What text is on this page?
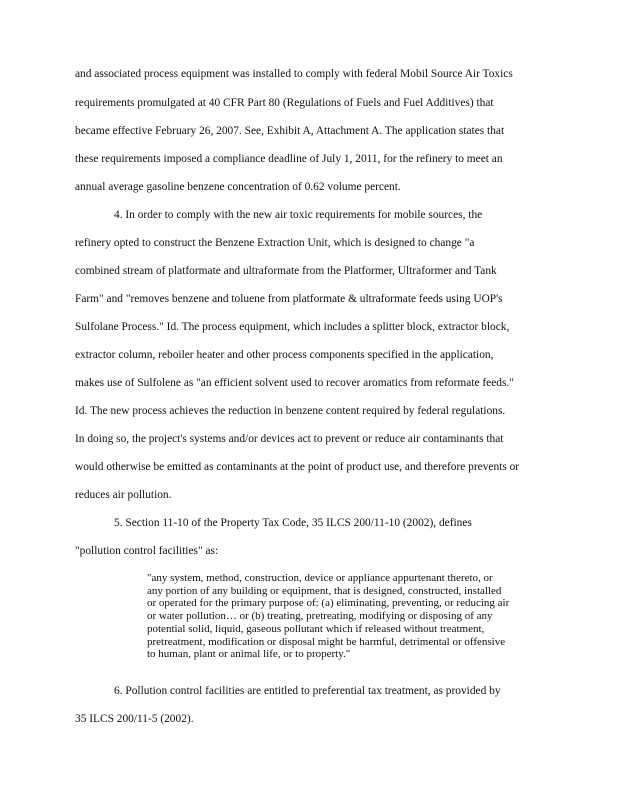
and associated process equipment was installed to comply with federal Mobil Source Air Toxics
requirements promulgated at 40 CFR Part 80 (Regulations of Fuels and Fuel Additives) that
became effective February 26, 2007. See, Exhibit A, Attachment A. The application states that
these requirements imposed a compliance deadline of July 1, 2011, for the refinery to meet an
annual average gasoline benzene concentration of 0.62 volume percent.
4. In order to comply with the new air toxic requirements for mobile sources, the
refinery opted to construct the Benzene Extraction Unit, which is designed to change "a
combined stream of platformate and ultraformate from the Platformer, Ultraformer and Tank
Farm" and "removes benzene and toluene from platformate & ultraformate feeds using UOP's
Sulfolane Process." Id. The process equipment, which includes a splitter block, extractor block,
extractor column, reboiler heater and other process components specified in the application,
makes use of Sulfolene as "an efficient solvent used to recover aromatics from reformate feeds."
Id. The new process achieves the reduction in benzene content required by federal regulations.
In doing so, the project's systems and/or devices act to prevent or reduce air contaminants that
would otherwise be emitted as contaminants at the point of product use, and therefore prevents or
reduces air pollution.
5. Section 11-10 of the Property Tax Code, 35 ILCS 200/11-10 (2002), defines
"pollution control facilities" as:
"any system, method, construction, device or appliance appurtenant thereto, or
any portion of any building or equipment, that is designed, constructed, installed
or operated for the primary purpose of: (a) eliminating, preventing, or reducing air
or water pollution… or (b) treating, pretreating, modifying or disposing of any
potential solid, liquid, gaseous pollutant which if released without treatment,
pretreatment, modification or disposal might be harmful, detrimental or offensive
to human, plant or animal life, or to property."
6. Pollution control facilities are entitled to preferential tax treatment, as provided by
35 ILCS 200/11-5 (2002).
